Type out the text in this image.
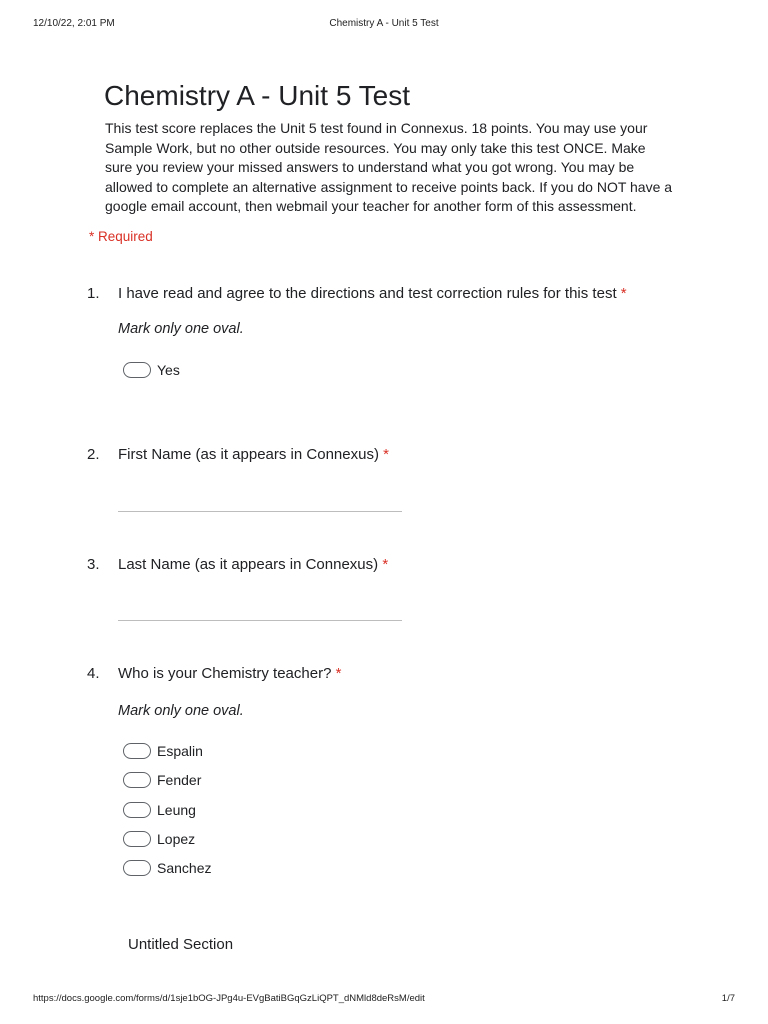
12/10/22, 2:01 PM	Chemistry A - Unit 5 Test
Chemistry A - Unit 5 Test

This test score replaces the Unit 5 test found in Connexus. 18 points. You may use your Sample Work, but no other outside resources. You may only take this test ONCE. Make sure you review your missed answers to understand what you got wrong. You may be allowed to complete an alternative assignment to receive points back. If you do NOT have a google email account, then webmail your teacher for another form of this assessment.

* Required
1. I have read and agree to the directions and test correction rules for this test *
Mark only one oval.
Yes
2. First Name (as it appears in Connexus) *
3. Last Name (as it appears in Connexus) *
4. Who is your Chemistry teacher? *
Mark only one oval.
Espalin
Fender
Leung
Lopez
Sanchez
Untitled Section
https://docs.google.com/forms/d/1sje1bOG-JPg4u-EVgBatiBGqGzLiQPT_dNMld8deRsM/edit	1/7
